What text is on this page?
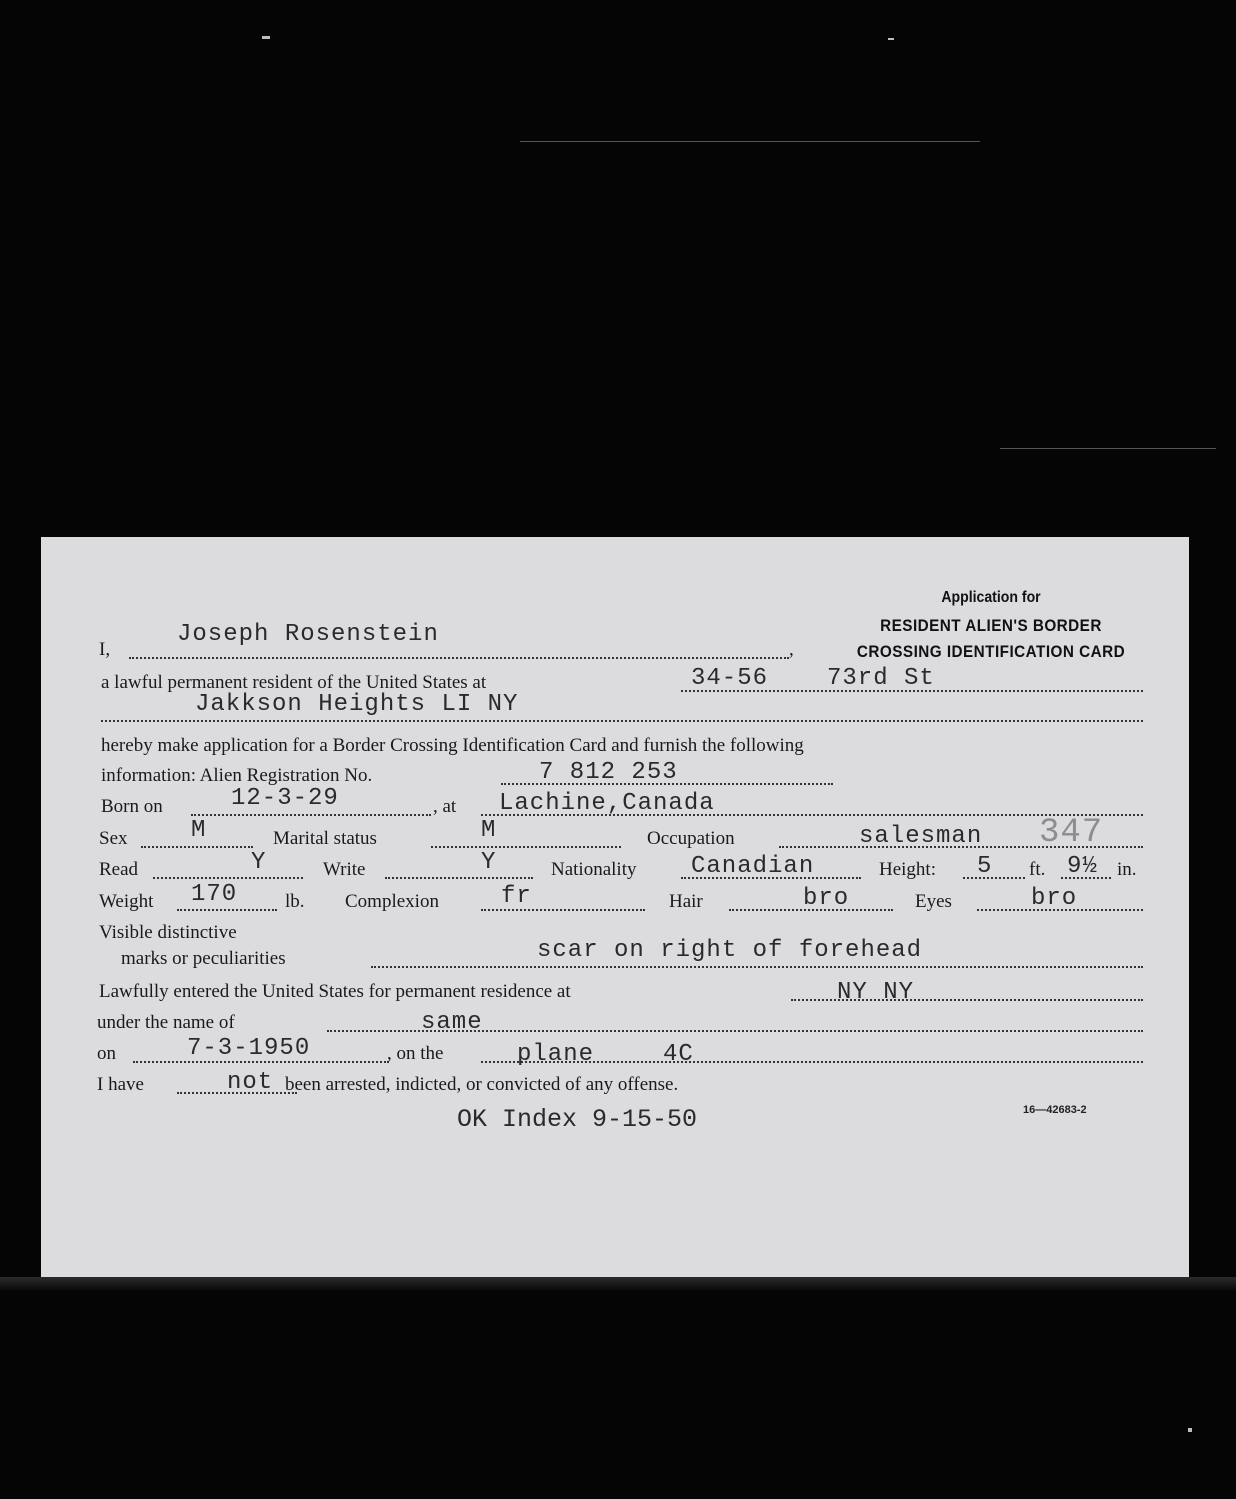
Application for
RESIDENT ALIEN'S BORDER
CROSSING IDENTIFICATION CARD
I,
Joseph Rosenstein
,
a lawful permanent resident of the United States at	34-56 73rd St
Jakkson Heights LI NY
hereby make application for a Border Crossing Identification Card and furnish the following
information: Alien Registration No.	7 812 253
Born on	12-3-29	, at Lachine,Canada
Sex	M	Marital status	M	Occupation	salesman 347
Read	Y	Write	Y	Nationality Canadian	Height: 5 ft. 9½ in.
Weight 170	lb. Complexion	fr	Hair	bro	Eyes	bro
Visible distinctive
marks or peculiarities	scar on right of forehead
Lawfully entered the United States for permanent residence at	NY NY
under the name of	same
on	7-3-1950	, on the	plane	4C
I have	not been arrested, indicted, or convicted of any offense.
OK Index 9-15-50	16—42683-2
